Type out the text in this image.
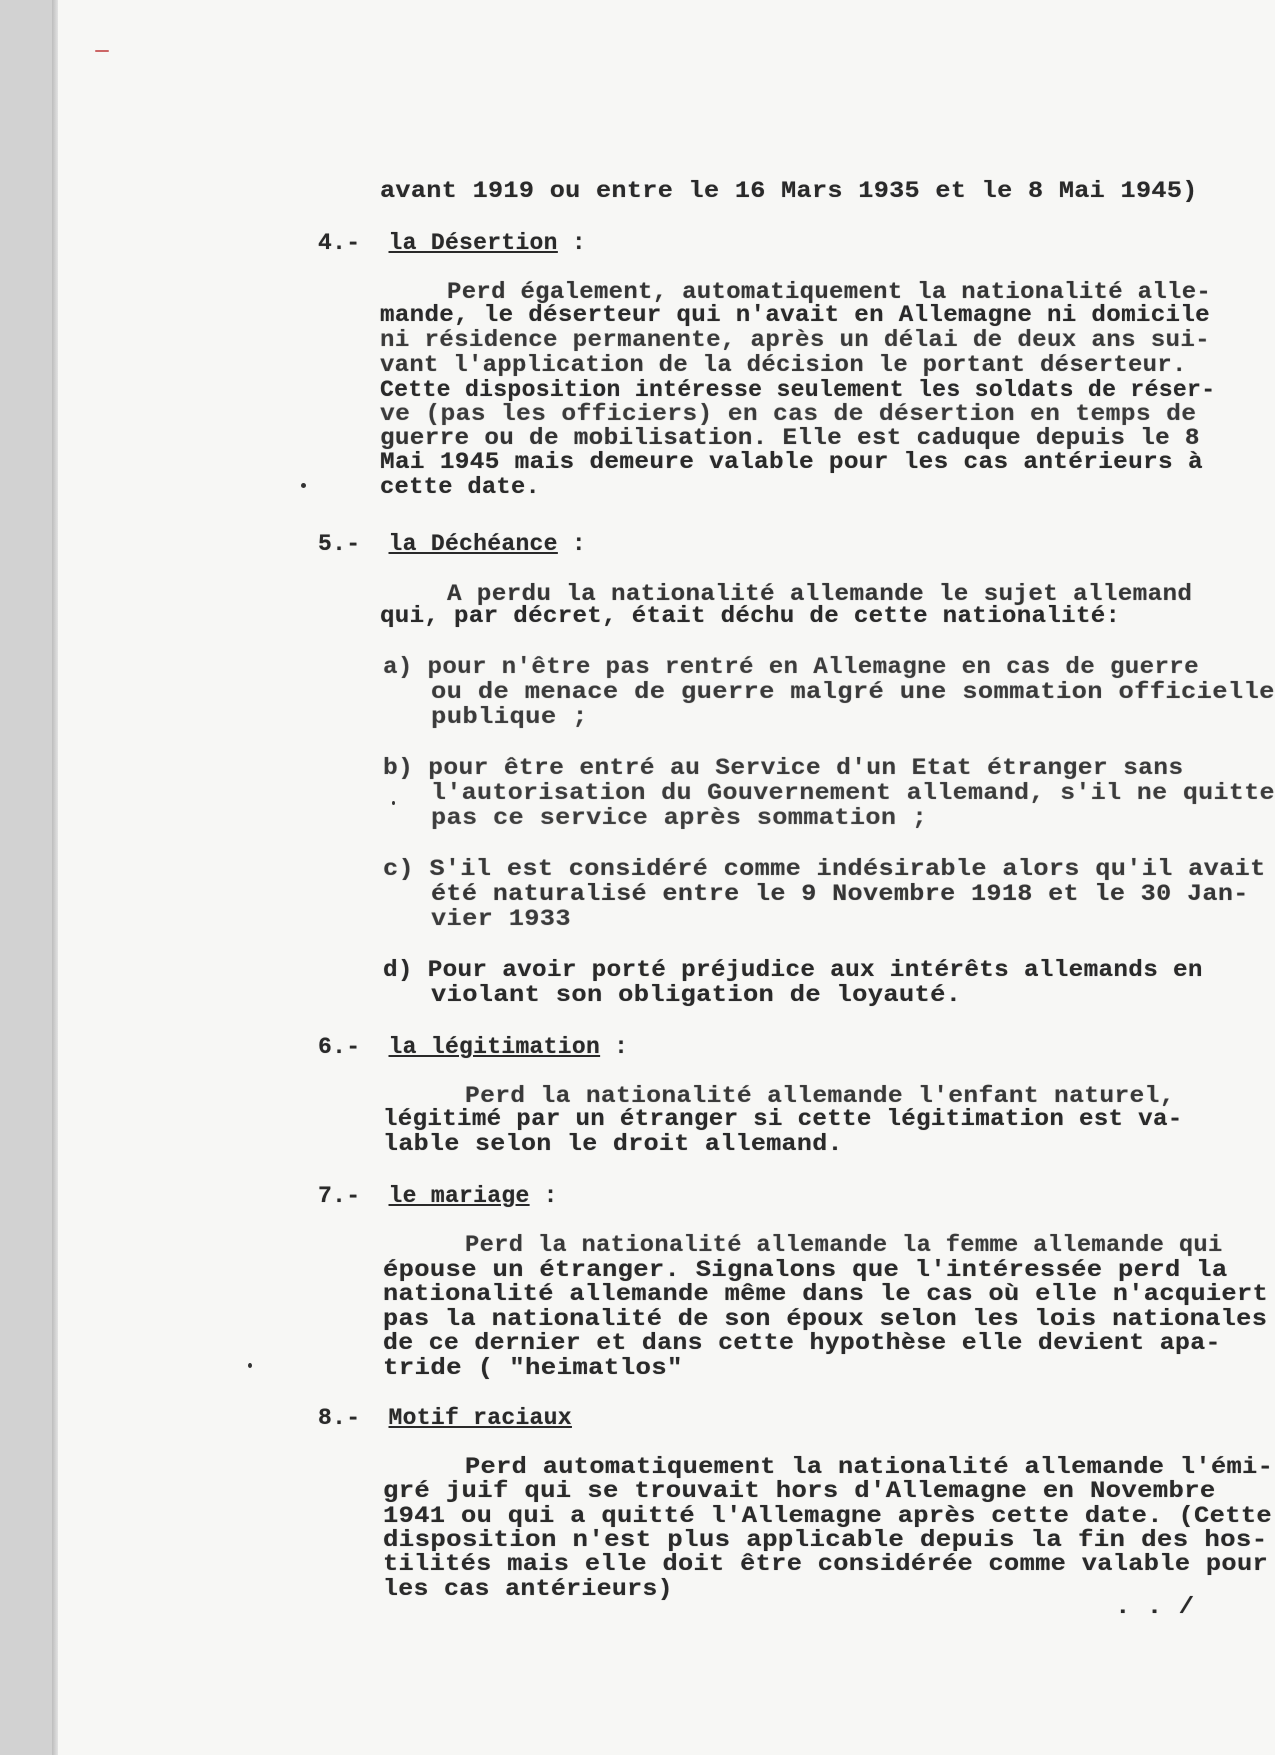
avant 1919 ou entre le 16 Mars 1935 et le 8 Mai 1945)
4.- la Désertion :
Perd également, automatiquement la nationalité alle-
mande, le déserteur qui n'avait en Allemagne ni domicile
ni résidence permanente, après un délai de deux ans sui-
vant l'application de la décision le portant déserteur.
Cette disposition intéresse seulement les soldats de réser-
ve (pas les officiers) en cas de désertion en temps de
guerre ou de mobilisation. Elle est caduque depuis le 8
Mai 1945 mais demeure valable pour les cas antérieurs à
cette date.
5.- la Déchéance :
A perdu la nationalité allemande le sujet allemand
qui, par décret, était déchu de cette nationalité:
a) pour n'être pas rentré en Allemagne en cas de guerre
ou de menace de guerre malgré une sommation officielle
publique ;
b) pour être entré au Service d'un Etat étranger sans
l'autorisation du Gouvernement allemand, s'il ne quitte
pas ce service après sommation ;
c) S'il est considéré comme indésirable alors qu'il avait
été naturalisé entre le 9 Novembre 1918 et le 30 Jan-
vier 1933
d) Pour avoir porté préjudice aux intérêts allemands en
violant son obligation de loyauté.
6.- la légitimation :
Perd la nationalité allemande l'enfant naturel,
légitimé par un étranger si cette légitimation est va-
lable selon le droit allemand.
7.- le mariage :
Perd la nationalité allemande la femme allemande qui
épouse un étranger. Signalons que l'intéressée perd la
nationalité allemande même dans le cas où elle n'acquiert
pas la nationalité de son époux selon les lois nationales
de ce dernier et dans cette hypothèse elle devient apa-
tride ( "heimatlos"
8.- Motif raciaux
Perd automatiquement la nationalité allemande l'émi-
gré juif qui se trouvait hors d'Allemagne en Novembre
1941 ou qui a quitté l'Allemagne après cette date. (Cette
disposition n'est plus applicable depuis la fin des hos-
tilités mais elle doit être considérée comme valable pour
les cas antérieurs)
. . /
